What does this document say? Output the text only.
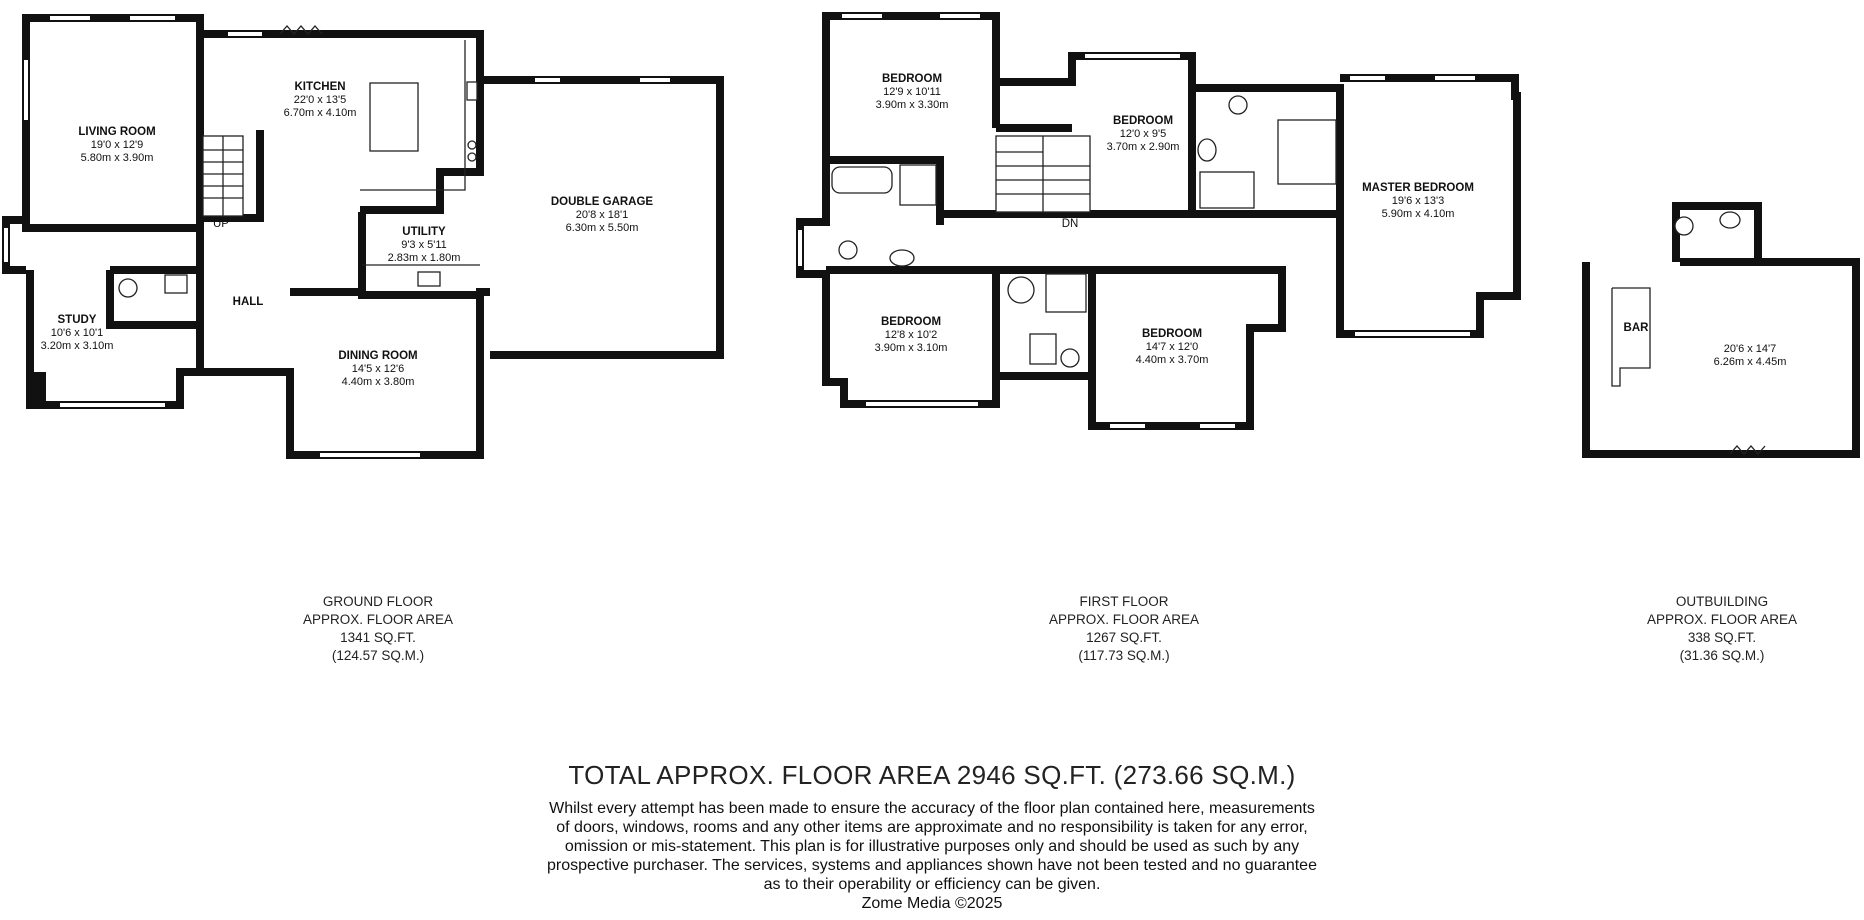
KITCHEN
22'0 x 13'5
6.70m x 4.10m
LIVING ROOM
19'0 x 12'9
5.80m x 3.90m
STUDY
10'6 x 10'1
3.20m x 3.10m
HALL
UP
UTILITY
9'3 x 5'11
2.83m x 1.80m
DINING ROOM
14'5 x 12'6
4.40m x 3.80m
DOUBLE GARAGE
20'8 x 18'1
6.30m x 5.50m
BEDROOM
12'9 x 10'11
3.90m x 3.30m
BEDROOM
12'0 x 9'5
3.70m x 2.90m
MASTER BEDROOM
19'6 x 13'3
5.90m x 4.10m
DN
BEDROOM
12'8 x 10'2
3.90m x 3.10m
BEDROOM
14'7 x 12'0
4.40m x 3.70m
BAR
20'6 x 14'7
6.26m x 4.45m
GROUND FLOOR
APPROX. FLOOR AREA
1341 SQ.FT.
(124.57 SQ.M.)
FIRST FLOOR
APPROX. FLOOR AREA
1267 SQ.FT.
(117.73 SQ.M.)
OUTBUILDING
APPROX. FLOOR AREA
338 SQ.FT.
(31.36 SQ.M.)
TOTAL APPROX. FLOOR AREA 2946 SQ.FT. (273.66 SQ.M.)
Whilst every attempt has been made to ensure the accuracy of the floor plan contained here, measurements
of doors, windows, rooms and any other items are approximate and no responsibility is taken for any error,
omission or mis-statement. This plan is for illustrative purposes only and should be used as such by any
prospective purchaser. The services, systems and appliances shown have not been tested and no guarantee
as to their operability or efficiency can be given.
Zome Media ©2025
